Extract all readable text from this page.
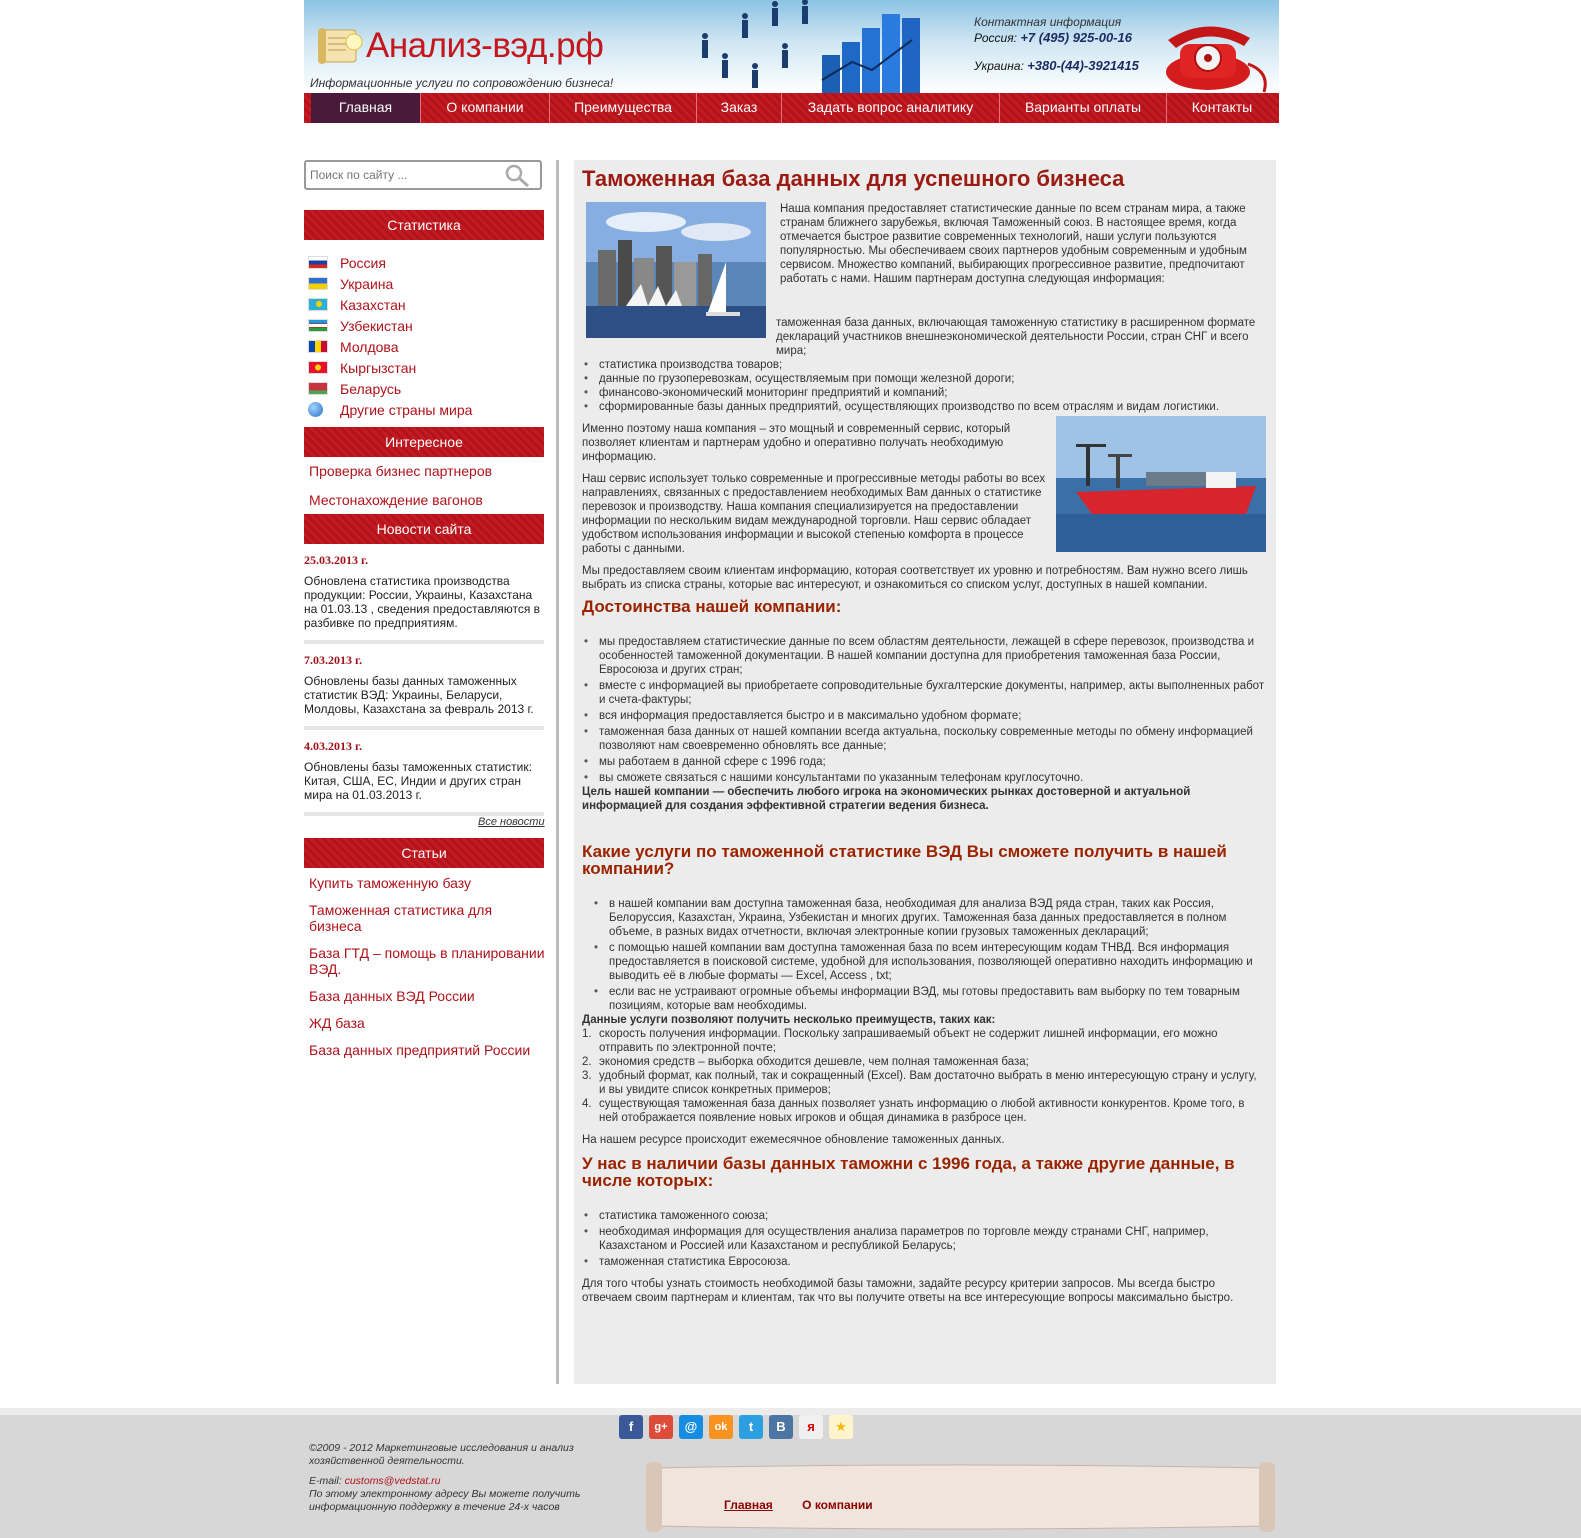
Анализ-вэд.рф
Информационные услуги по сопровождению бизнеса!
Контактная информация
Россия: +7 (495) 925-00-16
Украина: +380-(44)-3921415
Главная	О компании	Преимущества	Заказ	Задать вопрос аналитику	Варианты оплаты	Контакты
Поиск по сайту ...
Статистика
Россия
Украина
Казахстан
Узбекистан
Молдова
Кыргызстан
Беларусь
Другие страны мира
Интересное
Проверка бизнес партнеров
Местонахождение вагонов
Новости сайта
25.03.2013 г.
Обновлена статистика производства продукции: России, Украины, Казахстана на 01.03.13 , сведения предоставляются в разбивке по предприятиям.
7.03.2013 г.
Обновлены базы данных таможенных статистик ВЭД: Украины, Беларуси, Молдовы, Казахстана за февраль 2013 г.
4.03.2013 г.
Обновлены базы таможенных статистик: Китая, США, ЕС, Индии и других стран мира на 01.03.2013 г.
Все новости
Статьи
Купить таможенную базу
Таможенная статистика для бизнеса
База ГТД – помощь в планировании ВЭД.
База данных ВЭД России
ЖД база
База данных предприятий России
Таможенная база данных для успешного бизнеса

Наша компания предоставляет статистические данные по всем странам мира, а также странам ближнего зарубежья, включая Таможенный союз. В настоящее время, когда отмечается быстрое развитие современных технологий, наши услуги пользуются популярностью. Мы обеспечиваем своих партнеров удобным современным и удобным сервисом. Множество компаний, выбирающих прогрессивное развитие, предпочитают работать с нами. Нашим партнерам доступна следующая информация:

таможенная база данных, включающая таможенную статистику в расширенном формате деклараций участников внешнеэкономической деятельности России, стран СНГ и всего мира;

• статистика производства товаров;
• данные по грузоперевозкам, осуществляемым при помощи железной дороги;
• финансово-экономический мониторинг предприятий и компаний;
• сформированные базы данных предприятий, осуществляющих производство по всем отраслям и видам логистики.

Именно поэтому наша компания – это мощный и современный сервис, который позволяет клиентам и партнерам удобно и оперативно получать необходимую информацию.

Наш сервис использует только современные и прогрессивные методы работы во всех направлениях, связанных с предоставлением необходимых Вам данных о статистике перевозок и производству. Наша компания специализируется на предоставлении информации по нескольким видам международной торговли. Наш сервис обладает удобством использования информации и высокой степенью комфорта в процессе работы с данными.

Мы предоставляем своим клиентам информацию, которая соответствует их уровню и потребностям. Вам нужно всего лишь выбрать из списка страны, которые вас интересуют, и ознакомиться со списком услуг, доступных в нашей компании.

Достоинства нашей компании:
• мы предоставляем статистические данные по всем областям деятельности, лежащей в сфере перевозок, производства и особенностей таможенной документации. В нашей компании доступна для приобретения таможенная база России, Евросоюза и других стран;
• вместе с информацией вы приобретаете сопроводительные бухгалтерские документы, например, акты выполненных работ и счета-фактуры;
• вся информация предоставляется быстро и в максимально удобном формате;
• таможенная база данных от нашей компании всегда актуальна, поскольку современные методы по обмену информацией позволяют нам своевременно обновлять все данные;
• мы работаем в данной сфере с 1996 года;
• вы сможете связаться с нашими консультантами по указанным телефонам круглосуточно.

Цель нашей компании — обеспечить любого игрока на экономических рынках достоверной и актуальной информацией для создания эффективной стратегии ведения бизнеса.

Какие услуги по таможенной статистике ВЭД Вы сможете получить в нашей компании?
• в нашей компании вам доступна таможенная база, необходимая для анализа ВЭД ряда стран, таких как Россия, Белоруссия, Казахстан, Украина, Узбекистан и многих других. Таможенная база данных предоставляется в полном объеме, в разных видах отчетности, включая электронные копии грузовых таможенных деклараций;
• с помощью нашей компании вам доступна таможенная база по всем интересующим кодам ТНВД. Вся информация предоставляется в поисковой системе, удобной для использования, позволяющей оперативно находить информацию и выводить её в любые форматы — Excel, Access , txt;
• если вас не устраивают огромные объемы информации ВЭД, мы готовы предоставить вам выборку по тем товарным позициям, которые вам необходимы.

Данные услуги позволяют получить несколько преимуществ, таких как:

скорость получения информации. Поскольку запрашиваемый объект не содержит лишней информации, его можно отправить по электронной почте;
экономия средств – выборка обходится дешевле, чем полная таможенная база;
удобный формат, как полный, так и сокращенный (Excel). Вам достаточно выбрать в меню интересующую страну и услугу, и вы увидите список конкретных примеров;
существующая таможенная база данных позволяет узнать информацию о любой активности конкурентов. Кроме того, в ней отображается появление новых игроков и общая динамика в разбросе цен.

На нашем ресурсе происходит ежемесячное обновление таможенных данных.

У нас в наличии базы данных таможни с 1996 года, а также другие данные, в числе которых:
• статистика таможенного союза;
• необходимая информация для осуществления анализа параметров по торговле между странами СНГ, например, Казахстаном и Россией или Казахстаном и республикой Беларусь;
• таможенная статистика Евросоюза.

Для того чтобы узнать стоимость необходимой базы таможни, задайте ресурсу критерии запросов. Мы всегда быстро отвечаем своим партнерам и клиентам, так что вы получите ответы на все интересующие вопросы максимально быстро.

f	g+	@	ok	t	B	я	★
©2009 - 2012 Маркетинговые исследования и анализ хозяйственной деятельности.
E-mail: customs@vedstat.ru
По этому электронному адресу Вы можете получить информационную поддержку в течение 24-х часов	Главная О компании
